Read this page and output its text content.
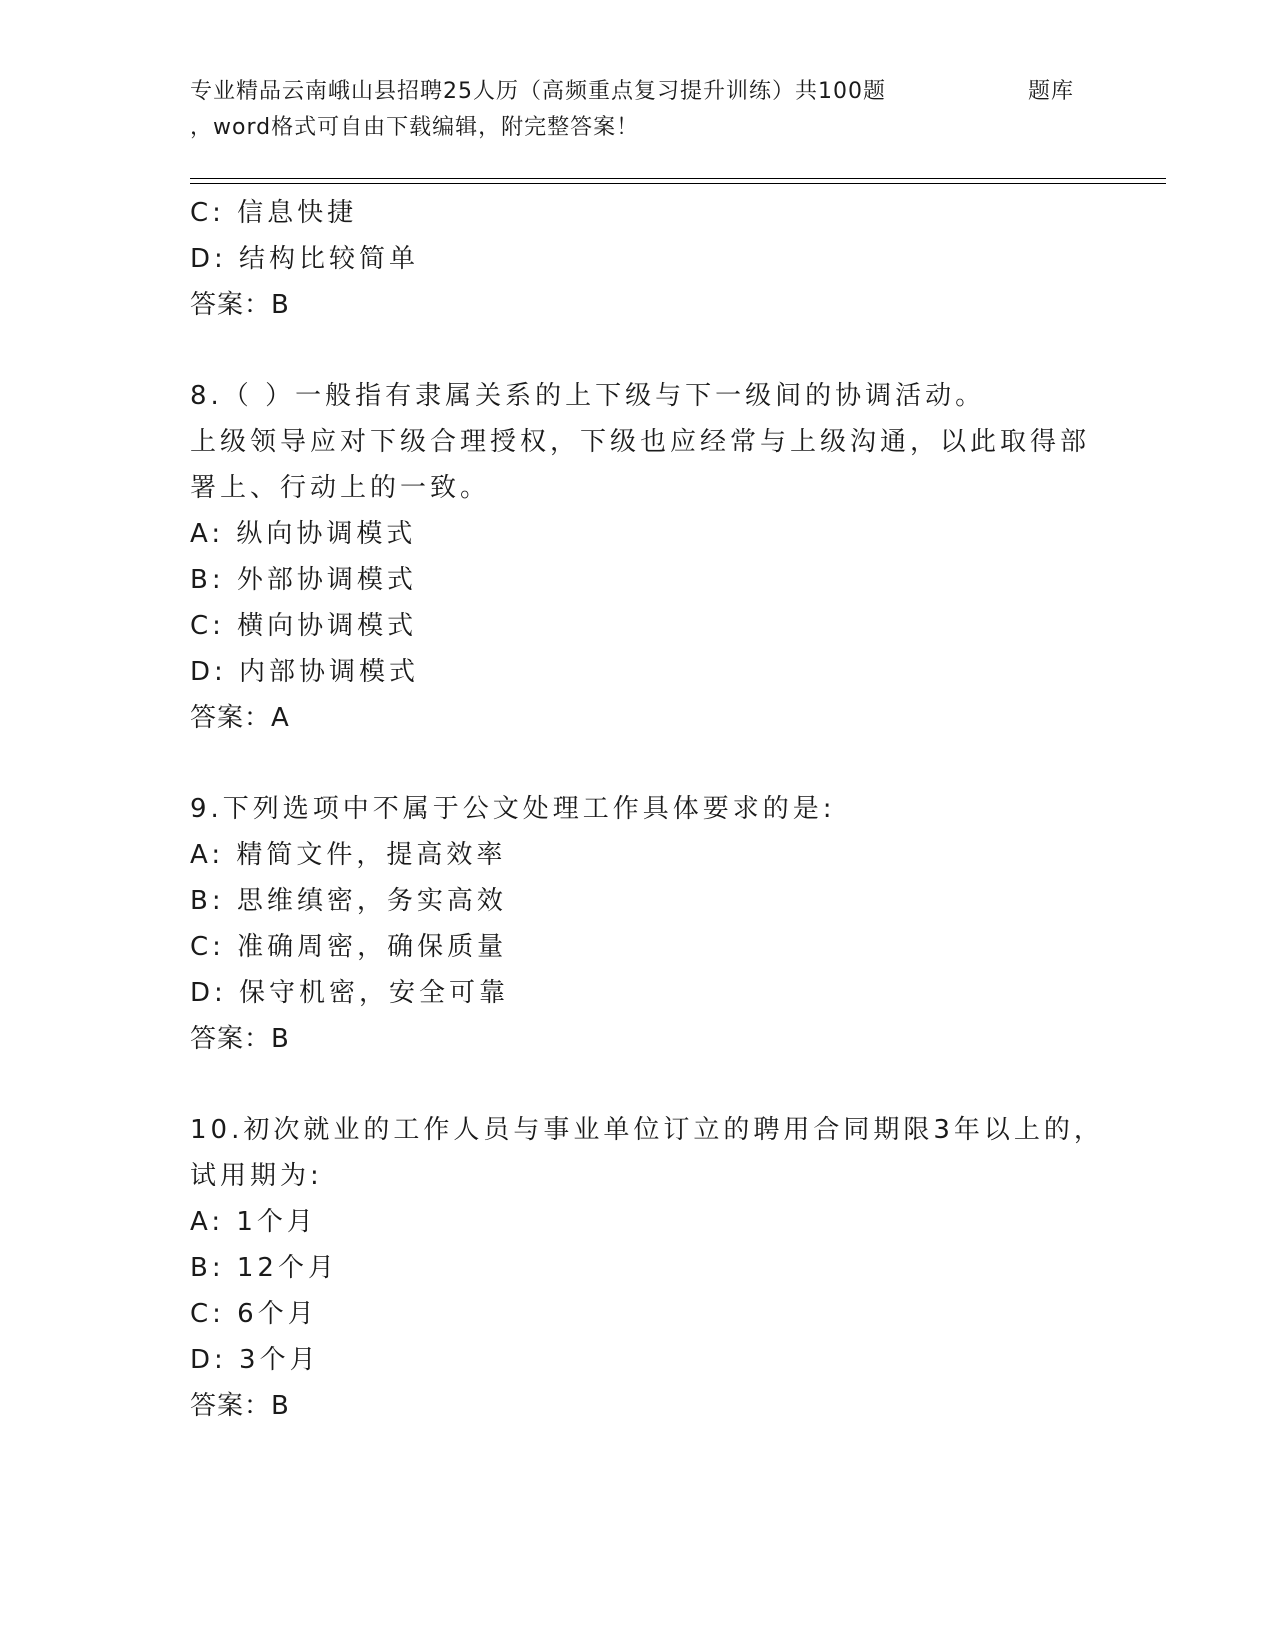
专业精品云南峨山县招聘25人历（高频重点复习提升训练）共100题	题库
，word格式可自由下载编辑，附完整答案！
C: 信息快捷
D: 结构比较简单
答案：B
8.（ ）一般指有隶属关系的上下级与下一级间的协调活动。
上级领导应对下级合理授权，下级也应经常与上级沟通，以此取得部
署上、行动上的一致。
A: 纵向协调模式
B: 外部协调模式
C: 横向协调模式
D: 内部协调模式
答案：A
9.下列选项中不属于公文处理工作具体要求的是:
A: 精简文件，提高效率
B: 思维缜密，务实高效
C: 准确周密，确保质量
D: 保守机密，安全可靠
答案：B
10.初次就业的工作人员与事业单位订立的聘用合同期限3年以上的，
试用期为:
A: 1个月
B: 12个月
C: 6个月
D: 3个月
答案：B
